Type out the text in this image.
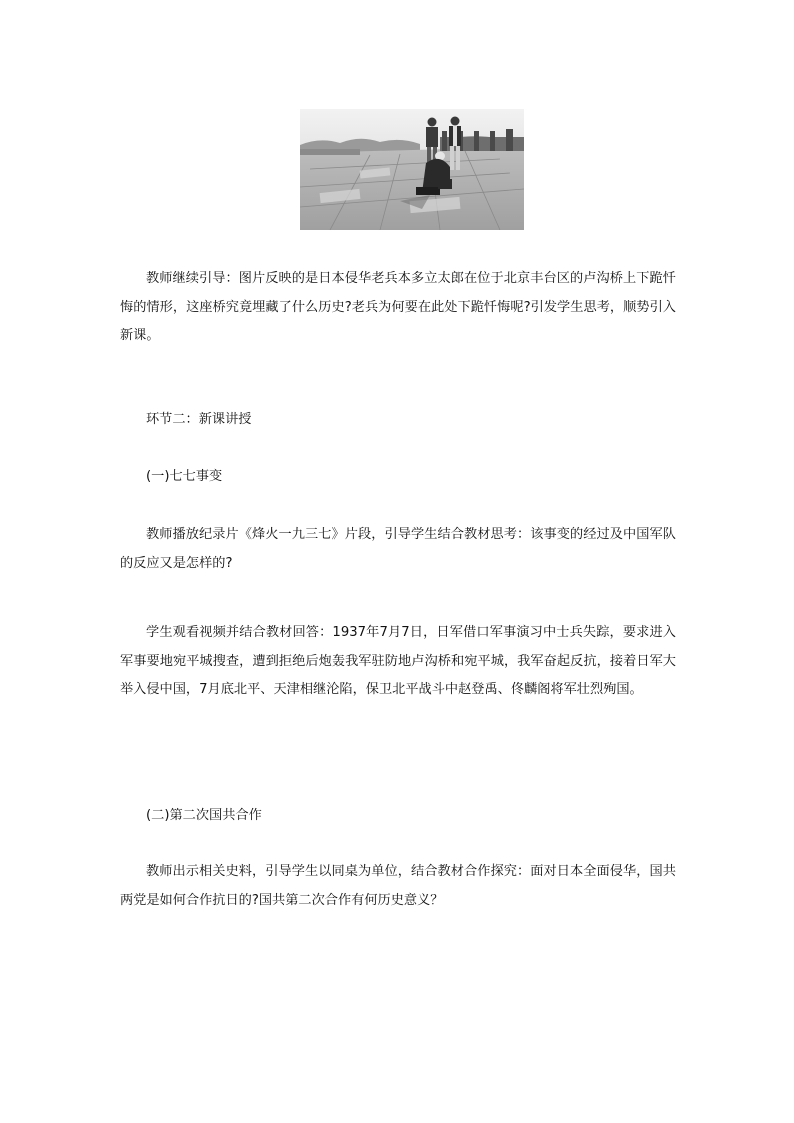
教师继续引导：图片反映的是日本侵华老兵本多立太郎在位于北京丰台区的卢沟桥上下跪忏悔的情形，这座桥究竟埋藏了什么历史?老兵为何要在此处下跪忏悔呢?引发学生思考，顺势引入新课。

环节二：新课讲授

(一)七七事变

教师播放纪录片《烽火一九三七》片段，引导学生结合教材思考：该事变的经过及中国军队的反应又是怎样的?

学生观看视频并结合教材回答：1937年7月7日，日军借口军事演习中士兵失踪，要求进入军事要地宛平城搜查，遭到拒绝后炮轰我军驻防地卢沟桥和宛平城，我军奋起反抗，接着日军大举入侵中国，7月底北平、天津相继沦陷，保卫北平战斗中赵登禹、佟麟阁将军壮烈殉国。

(二)第二次国共合作

教师出示相关史料，引导学生以同桌为单位，结合教材合作探究：面对日本全面侵华，国共两党是如何合作抗日的?国共第二次合作有何历史意义？
